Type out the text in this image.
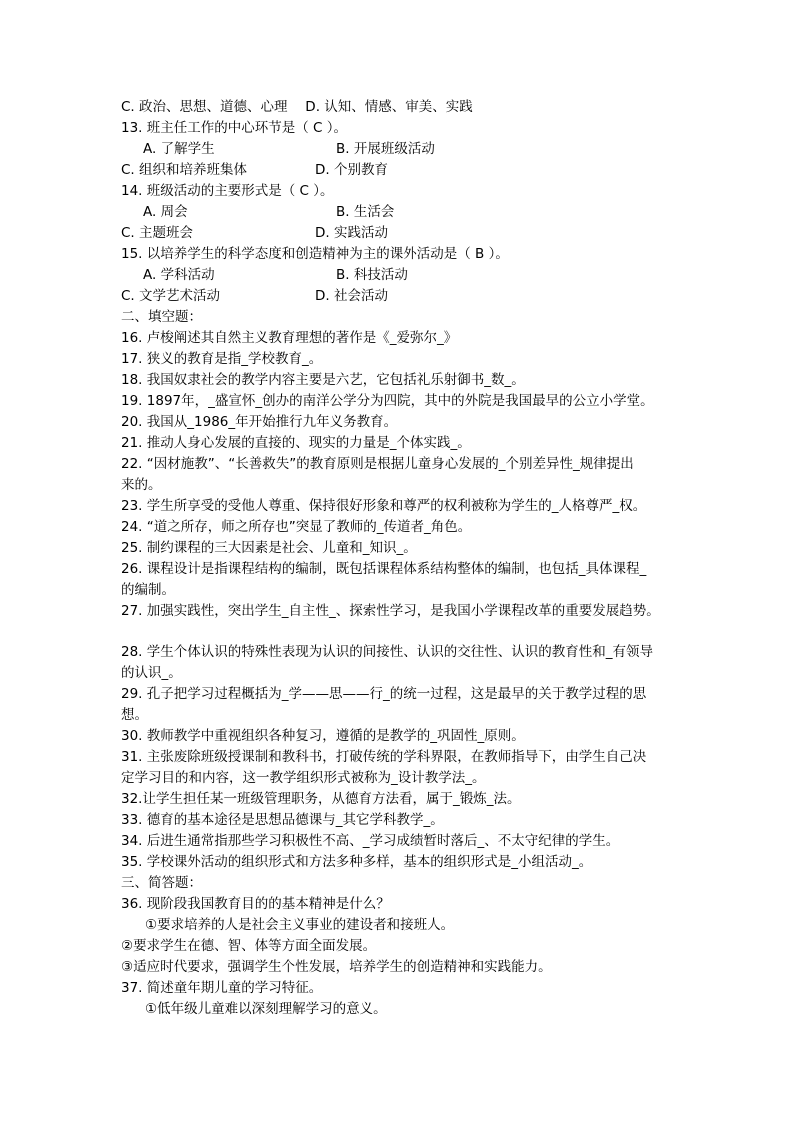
C. 政治、思想、道德、心理　 D. 认知、情感、审美、实践
13. 班主任工作的中心环节是（ C ）。
A. 了解学生	B. 开展班级活动
C. 组织和培养班集体	D. 个别教育
14. 班级活动的主要形式是（ C ）。
A. 周会	B. 生活会
C. 主题班会	D. 实践活动
15. 以培养学生的科学态度和创造精神为主的课外活动是（ B ）。
A. 学科活动	B. 科技活动
C. 文学艺术活动	D. 社会活动
二、填空题：
16. 卢梭阐述其自然主义教育理想的著作是《_爱弥尔_》
17. 狭义的教育是指_学校教育_。
18. 我国奴隶社会的教学内容主要是六艺，它包括礼乐射御书_数_。
19. 1897年，_盛宣怀_创办的南洋公学分为四院，其中的外院是我国最早的公立小学堂。
20. 我国从_1986_年开始推行九年义务教育。
21. 推动人身心发展的直接的、现实的力量是_个体实践_。
22. “因材施教”、“长善救失”的教育原则是根据儿童身心发展的_个别差异性_规律提出
来的。
23. 学生所享受的受他人尊重、保持很好形象和尊严的权利被称为学生的_人格尊严_权。
24. “道之所存，师之所存也”突显了教师的_传道者_角色。
25. 制约课程的三大因素是社会、儿童和_知识_。
26. 课程设计是指课程结构的编制，既包括课程体系结构整体的编制，也包括_具体课程_
的编制。
27. 加强实践性，突出学生_自主性_、探索性学习，是我国小学课程改革的重要发展趋势。
28. 学生个体认识的特殊性表现为认识的间接性、认识的交往性、认识的教育性和_有领导
的认识_。
29. 孔子把学习过程概括为_学——思——行_的统一过程，这是最早的关于教学过程的思
想。
30. 教师教学中重视组织各种复习，遵循的是教学的_巩固性_原则。
31. 主张废除班级授课制和教科书，打破传统的学科界限，在教师指导下，由学生自己决
定学习目的和内容，这一教学组织形式被称为_设计教学法_。
32.让学生担任某一班级管理职务，从德育方法看，属于_锻炼_法。
33. 德育的基本途径是思想品德课与_其它学科教学_。
34. 后进生通常指那些学习积极性不高、_学习成绩暂时落后_、不太守纪律的学生。
35. 学校课外活动的组织形式和方法多种多样，基本的组织形式是_小组活动_。
三、简答题：
36. 现阶段我国教育目的的基本精神是什么？
①要求培养的人是社会主义事业的建设者和接班人。
②要求学生在德、智、体等方面全面发展。
③适应时代要求，强调学生个性发展，培养学生的创造精神和实践能力。
37. 简述童年期儿童的学习特征。
①低年级儿童难以深刻理解学习的意义。
